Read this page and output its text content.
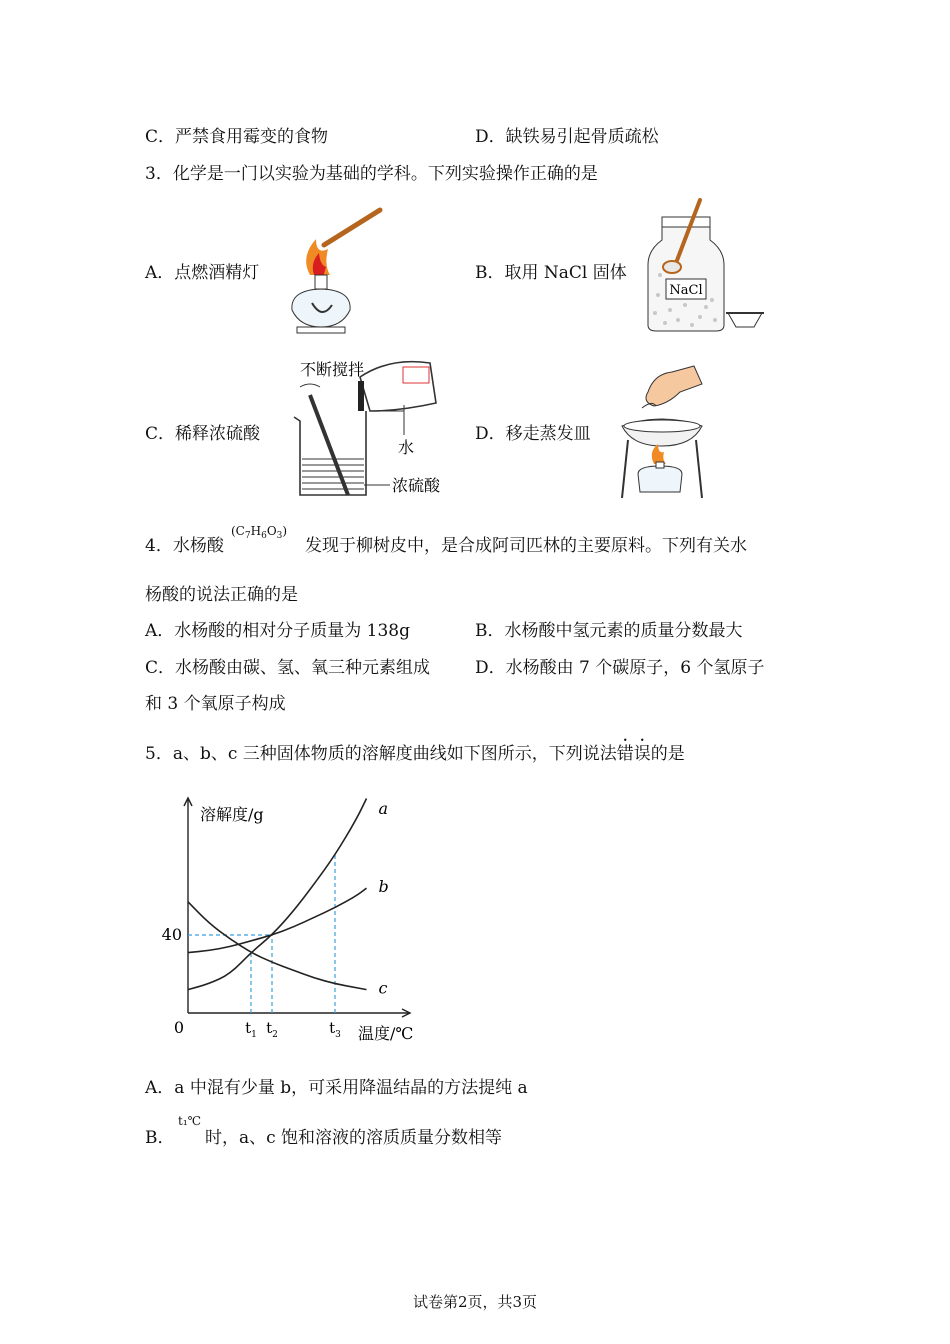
C．严禁食用霉变的食物	D．缺铁易引起骨质疏松
3．化学是一门以实验为基础的学科。下列实验操作正确的是
A．点燃酒精灯	B．取用 NaCl 固体
NaCl
C．稀释浓硫酸
不断搅拌
水
浓硫酸
D．移走蒸发皿
4．水杨酸
$(C_7H_6O_3)$
发现于柳树皮中，是合成阿司匹林的主要原料。下列有关水
杨酸的说法正确的是
A．水杨酸的相对分子质量为 138g	B．水杨酸中氢元素的质量分数最大
C．水杨酸由碳、氢、氧三种元素组成	D．水杨酸由 7 个碳原子，6 个氢原子
和 3 个氧原子构成
5．a、b、c 三种固体物质的溶解度曲线如下图所示，下列说法错误的是
溶解度/g
温度/℃
0
40
$t_1$ $t_2$	$t_3$
a
b
c
A．a 中混有少量 b，可采用降温结晶的方法提纯 a
B．
t₁℃
时，a、c 饱和溶液的溶质质量分数相等
试卷第2页，共3页
